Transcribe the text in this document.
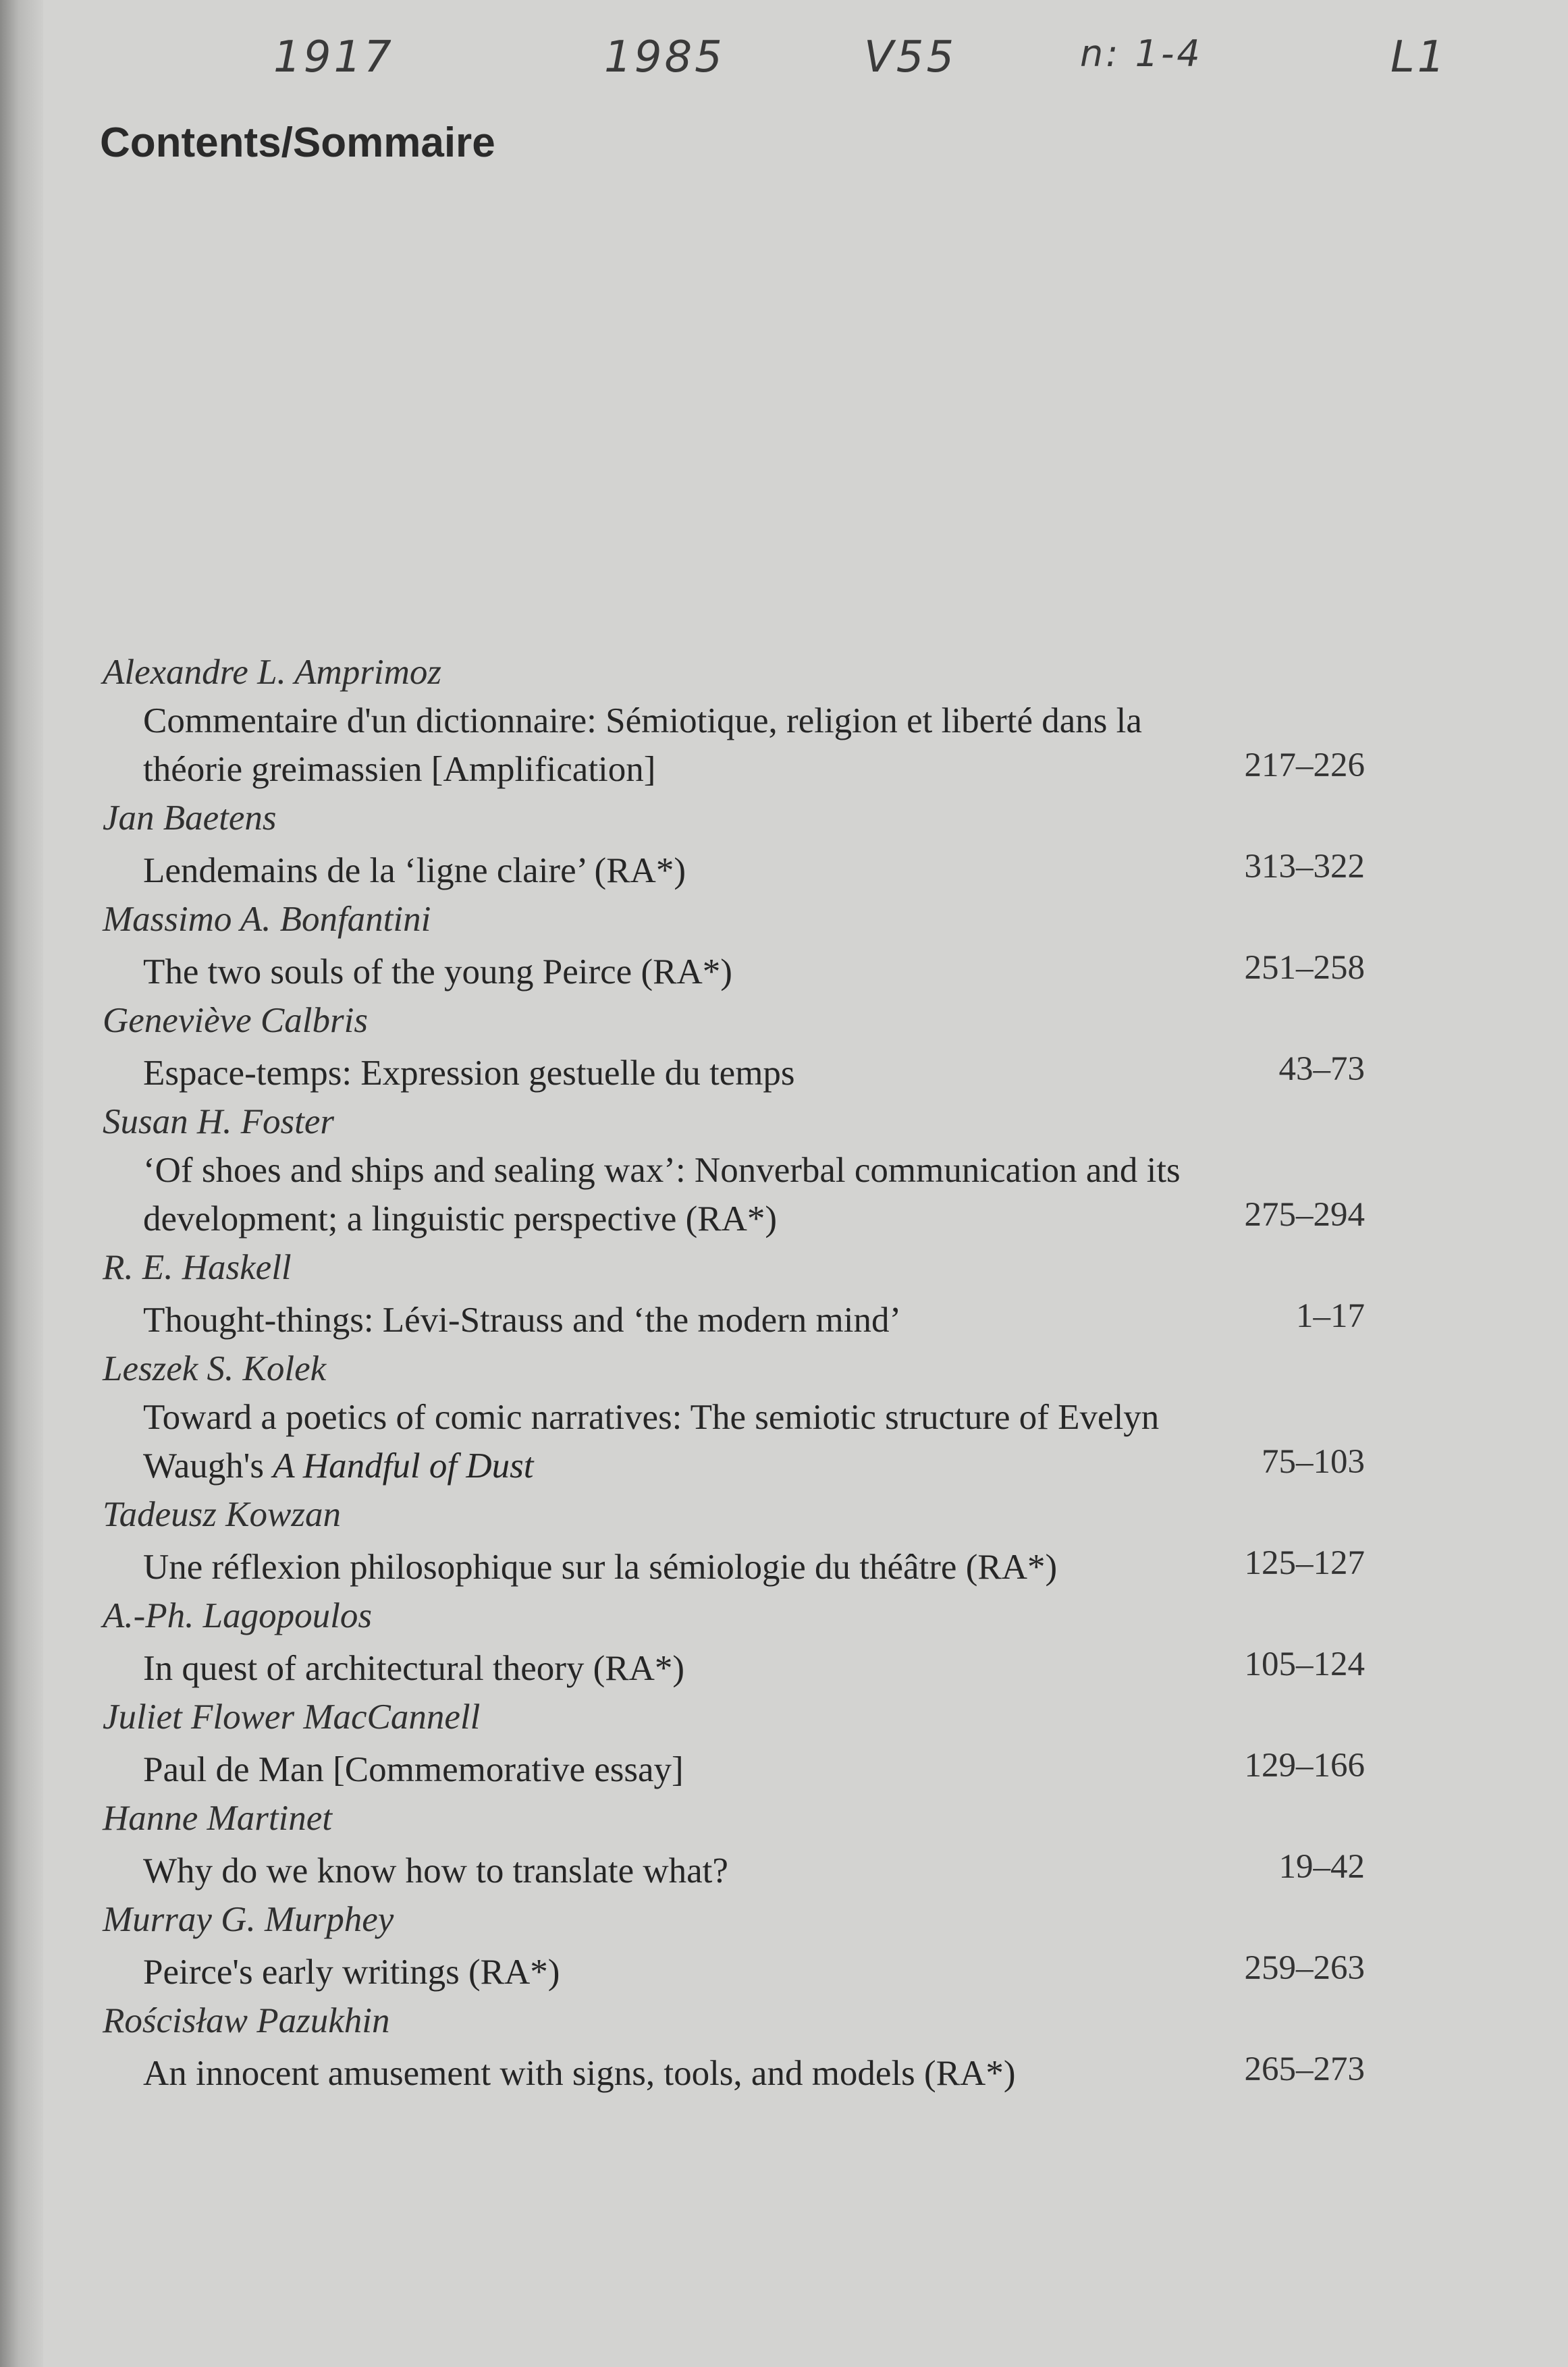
1917	1985	V55	n: 1-4	L1
Contents/Sommaire
Alexandre L. Amprimoz
Commentaire d'un dictionnaire: Sémiotique, religion et liberté dans la théorie greimassien [Amplification]	217–226
Jan Baetens
Lendemains de la ‘ligne claire’ (RA*)	313–322
Massimo A. Bonfantini
The two souls of the young Peirce (RA*)	251–258
Geneviève Calbris
Espace-temps: Expression gestuelle du temps	43–73
Susan H. Foster
‘Of shoes and ships and sealing wax’: Nonverbal communication and its development; a linguistic perspective (RA*)	275–294
R. E. Haskell
Thought-things: Lévi-Strauss and ‘the modern mind’	1–17
Leszek S. Kolek
Toward a poetics of comic narratives: The semiotic structure of Evelyn Waugh's A Handful of Dust	75–103
Tadeusz Kowzan
Une réflexion philosophique sur la sémiologie du théâtre (RA*)	125–127
A.-Ph. Lagopoulos
In quest of architectural theory (RA*)	105–124
Juliet Flower MacCannell
Paul de Man [Commemorative essay]	129–166
Hanne Martinet
Why do we know how to translate what?	19–42
Murray G. Murphey
Peirce's early writings (RA*)	259–263
Rościsław Pazukhin
An innocent amusement with signs, tools, and models (RA*)	265–273
